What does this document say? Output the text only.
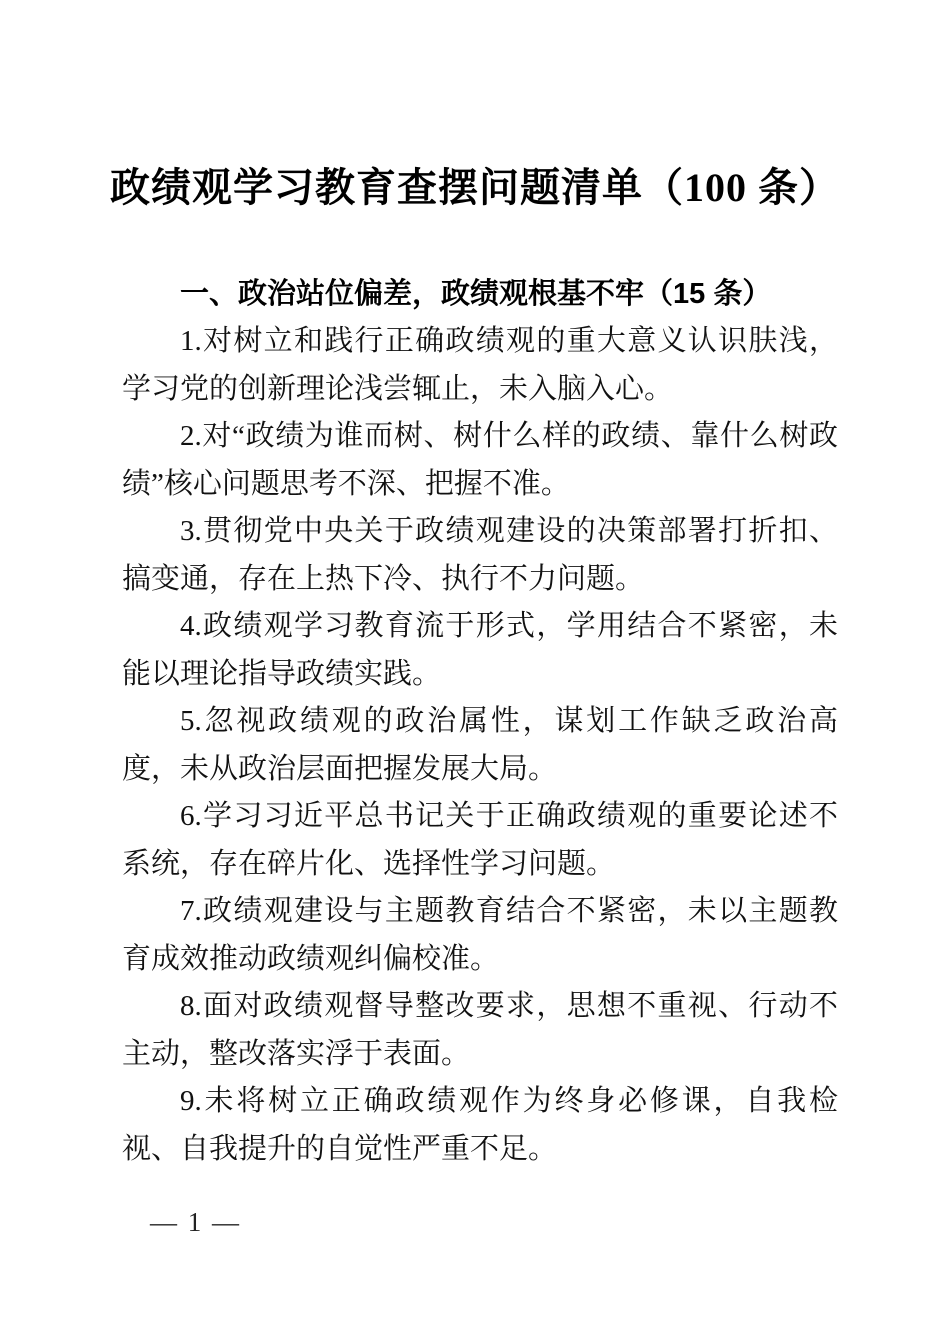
政绩观学习教育查摆问题清单（100 条）
一、政治站位偏差，政绩观根基不牢（15 条）

1.对树立和践行正确政绩观的重大意义认识肤浅，学习党的创新理论浅尝辄止，未入脑入心。

2.对“政绩为谁而树、树什么样的政绩、靠什么树政绩”核心问题思考不深、把握不准。

3.贯彻党中央关于政绩观建设的决策部署打折扣、搞变通，存在上热下冷、执行不力问题。

4.政绩观学习教育流于形式，学用结合不紧密，未能以理论指导政绩实践。

5.忽视政绩观的政治属性，谋划工作缺乏政治高度，未从政治层面把握发展大局。

6.学习习近平总书记关于正确政绩观的重要论述不系统，存在碎片化、选择性学习问题。

7.政绩观建设与主题教育结合不紧密，未以主题教育成效推动政绩观纠偏校准。

8.面对政绩观督导整改要求，思想不重视、行动不主动，整改落实浮于表面。

9.未将树立正确政绩观作为终身必修课，自我检视、自我提升的自觉性严重不足。

— 1 —
